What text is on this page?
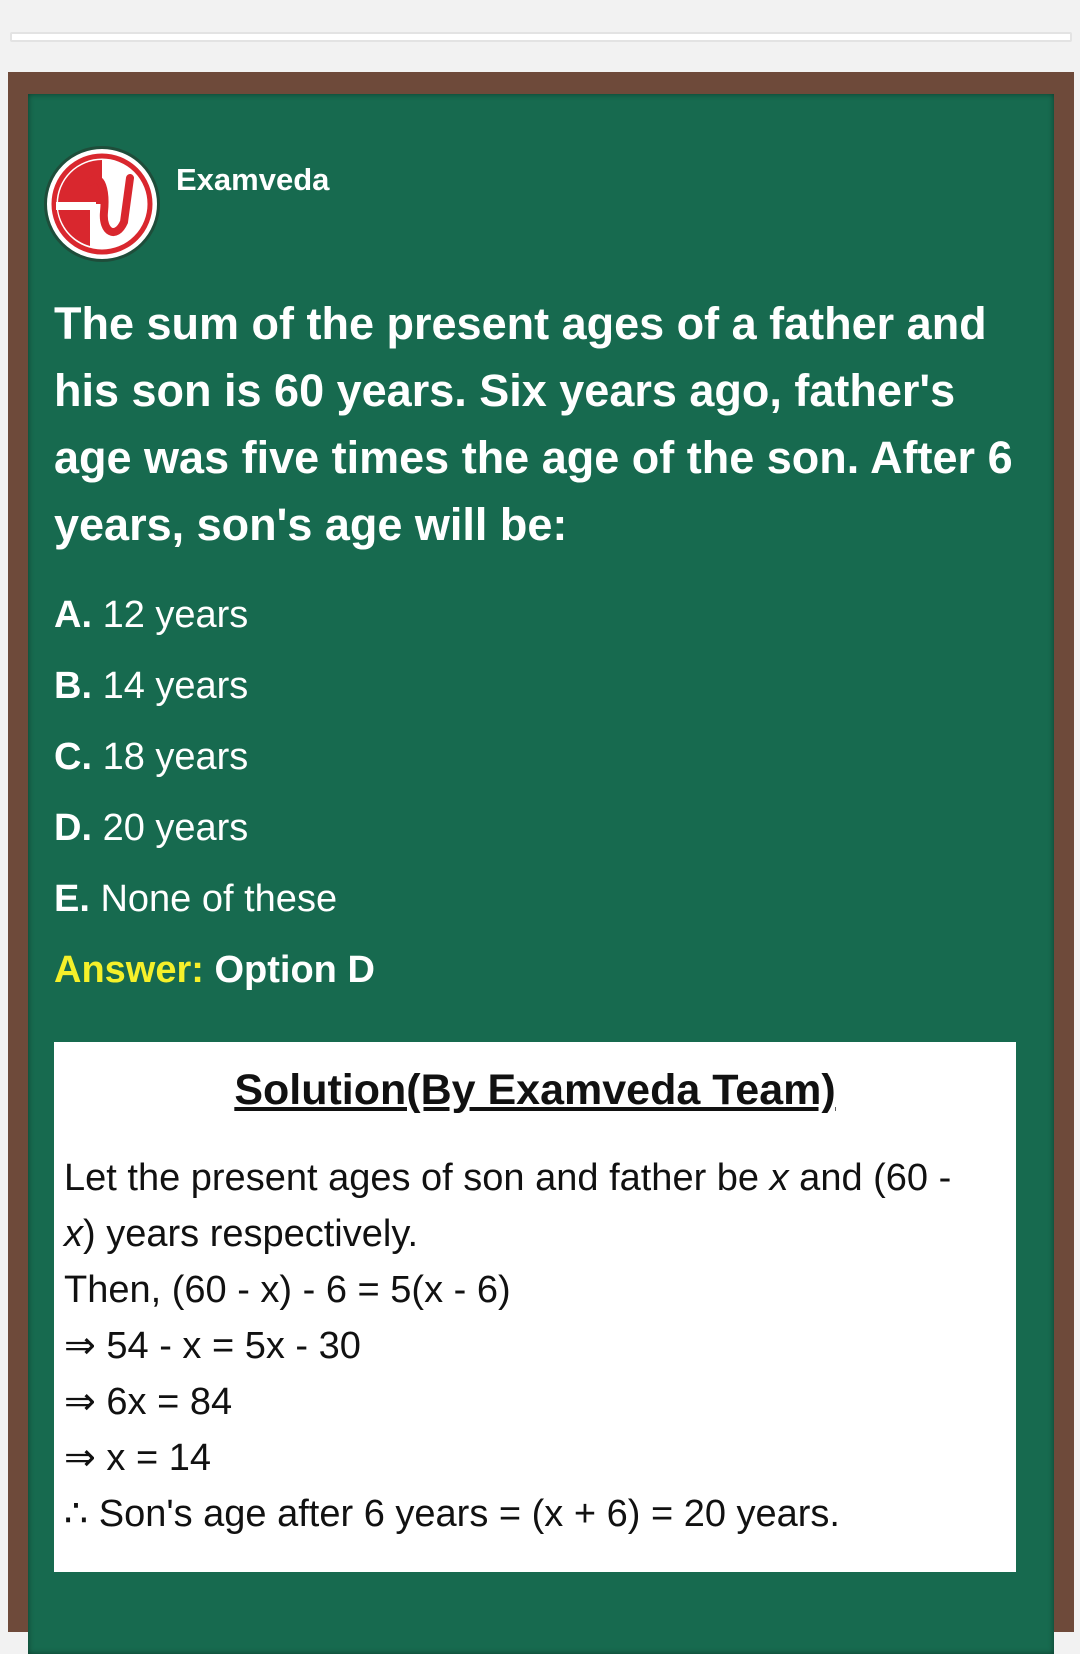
Examveda
The sum of the present ages of a father and his son is 60 years. Six years ago, father's age was five times the age of the son. After 6 years, son's age will be:
A. 12 years
B. 14 years
C. 18 years
D. 20 years
E. None of these
Answer: Option D
Solution(By Examveda Team)
Let the present ages of son and father be x and (60 -
x) years respectively.
Then, (60 - x) - 6 = 5(x - 6)
⇒ 54 - x = 5x - 30
⇒ 6x = 84
⇒ x = 14
∴ Son's age after 6 years = (x + 6) = 20 years.
